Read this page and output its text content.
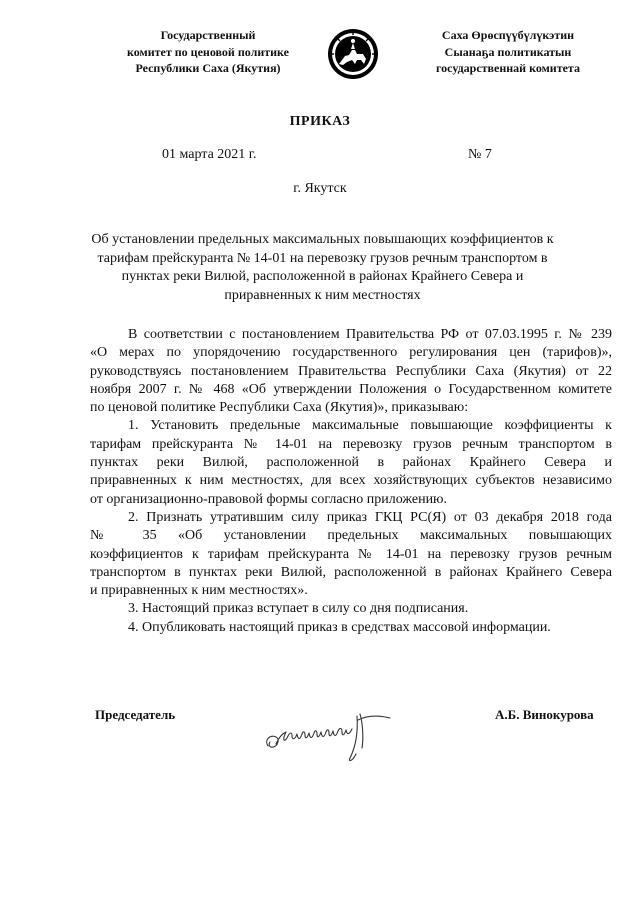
Государственный
комитет по ценовой политике
Республики Саха (Якутия)
Саха Өрөспүүбүлүкэтин
Сыанаҕа политикатын
государственнай комитета
ПРИКАЗ
01 марта 2021 г.	№ 7
г. Якутск
Об установлении предельных максимальных повышающих коэффициентов к
тарифам прейскуранта № 14-01 на перевозку грузов речным транспортом в
пунктах реки Вилюй, расположенной в районах Крайнего Севера и
приравненных к ним местностях
В соответствии с постановлением Правительства РФ от 07.03.1995 г. № 239
«О мерах по упорядочению государственного регулирования цен (тарифов)»,
руководствуясь постановлением Правительства Республики Саха (Якутия) от 22
ноября 2007 г. № 468 «Об утверждении Положения о Государственном комитете
по ценовой политике Республики Саха (Якутия)», приказываю:
1. Установить предельные максимальные повышающие коэффициенты к
тарифам прейскуранта № 14-01 на перевозку грузов речным транспортом в
пунктах реки Вилюй, расположенной в районах Крайнего Севера и
приравненных к ним местностях, для всех хозяйствующих субъектов независимо
от организационно-правовой формы согласно приложению.
2. Признать утратившим силу приказ ГКЦ РС(Я) от 03 декабря 2018 года
№ 35 «Об установлении предельных максимальных повышающих
коэффициентов к тарифам прейскуранта № 14-01 на перевозку грузов речным
транспортом в пунктах реки Вилюй, расположенной в районах Крайнего Севера
и приравненных к ним местностях».
3. Настоящий приказ вступает в силу со дня подписания.
4. Опубликовать настоящий приказ в средствах массовой информации.
Председатель	А.Б. Винокурова
